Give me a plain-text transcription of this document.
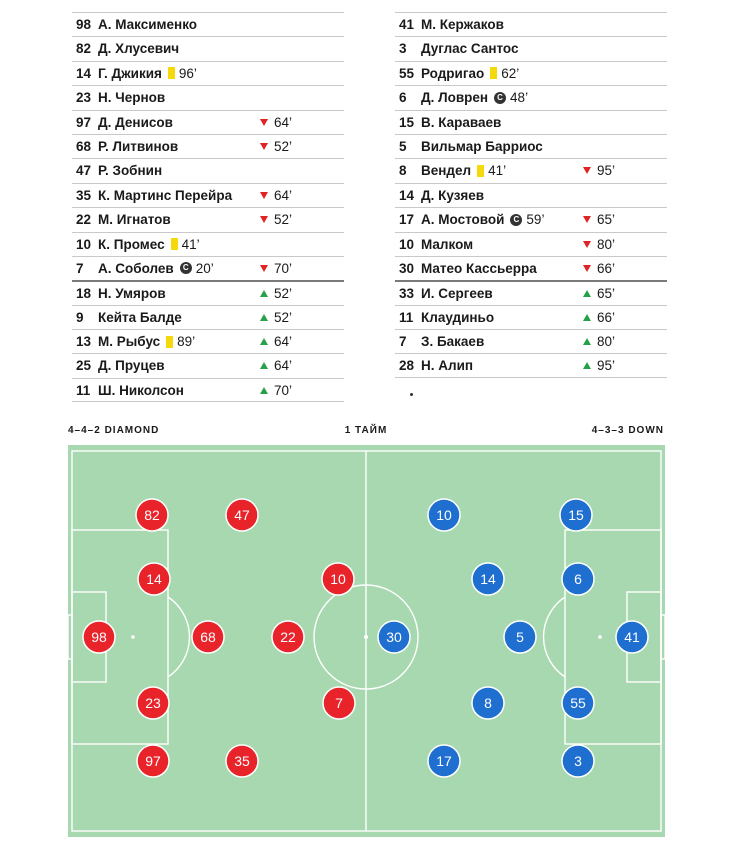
98 А. Максименко
82 Д. Хлусевич
14 Г. Джикия 96’
23 Н. Чернов
97 Д. Денисов	64’
68 Р. Литвинов	52’
47 Р. Зобнин
35 К. Мартинс Перейра	64’
22 М. Игнатов	52’
10 К. Промес 41’
7	А. Соболев	C 20’	70’
18 Н. Умяров	52’
9	Кейта Балде	52’
13 М. Рыбус 89’	64’
25 Д. Пруцев	64’
11 Ш. Николсон	70’
41 М. Кержаков
3	Дуглас Сантос
55 Родригао 62’
6	Д. Ловрен	C 48’
15 В. Караваев
5	Вильмар Барриос
8	Вендел 41’	95’
14 Д. Кузяев
17 А. Мостовой	C 59’	65’
10 Малком	80’
30 Матео Кассьерра	66’
33 И. Сергеев	65’
11 Клаудиньо	66’
7	З. Бакаев	80’
28 Н. Алип	95’
4–4–2 DIAMOND	1 ТАЙМ	4–3–3 DOWN
98
82	47
14	10
68	22
23	7
97	35
10	15
14	6
30	5	41
8	55
17	3
